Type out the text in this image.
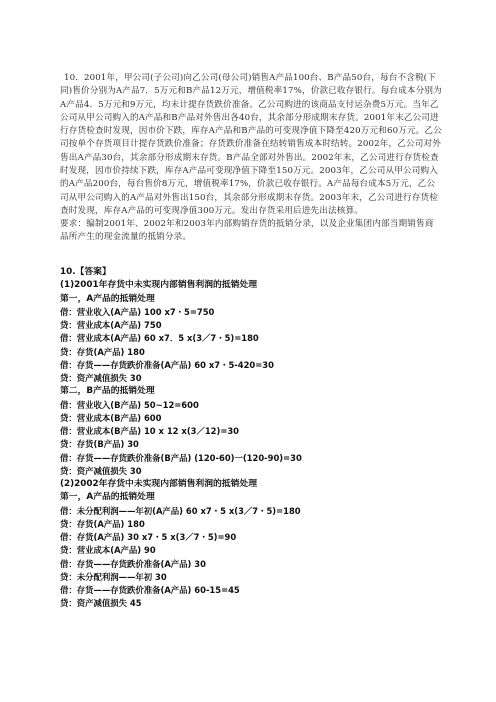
10．2001年，甲公司(子公司)向乙公司(母公司)销售A产品100台、B产品50台，每台不含税(下同)售价分别为A产品7．5万元和B产品12万元，增值税率17%，价款已收存银行。每台成本分别为A产品4．5万元和9万元，均未计提存货跌价准备。乙公司购进的该商品支付运杂费5万元。当年乙公司从甲公司购入的A产品和B产品对外售出各40台，其余部分形成期末存货。2001年末乙公司进行存货检查时发现，因市价下跌，库存A产品和B产品的可变现净值下降至420万元和60万元。乙公司按单个存货项目计提存货跌价准备；存货跌价准备在结转销售成本时结转。2002年，乙公司对外售出A产品30台，其余部分形成期末存货。B产品全部对外售出。2002年末，乙公司进行存货检查时发现，因市价持续下跌，库存A产品可变现净值下降至150万元。2003年，乙公司从甲公司购入的A产品200台，每台售价8万元，增值税率17%，价款已收存银行。A产品每台成本5万元，乙公司从甲公司购入的A产品对外售出150台，其余部分形成期末存货。2003年末，乙公司进行存货检查时发现，库存A产品的可变现净值300万元。发出存货采用后进先出法核算。
要求：编制2001年、2002年和2003年内部购销存货的抵销分录，以及企业集团内部当期销售商品所产生的现金流量的抵销分录。
10.【答案】
(1)2001年存货中未实现内部销售利润的抵销处理
第一，A产品的抵销处理
借：营业收入(A产品) 100 x7・5=750
贷：营业成本(A产品) 750
借：营业成本(A产品) 60 x7．5 x(3／7・5)=180
贷：存货(A产品) 180
借：存货——存货跌价准备(A产品) 60 x7・5-420=30
贷：资产减值损失 30
第二，B产品的抵销处理
借：营业收入(B产品) 50~12=600
贷：营业成本(B产品) 600
借：营业成本(B产品) 10 x 12 x(3／12)=30
贷：存货(B产品) 30
借：存货——存货跌价准备(B产品) (120-60)一(120-90)=30
贷：资产减值损失 30
(2)2002年存货中未实现内部销售利润的抵销处理
第一，A产品的抵销处理
借：未分配利润——年初(A产品) 60 x7・5 x(3／7・5)=180
贷：存货(A产品) 180
借：存货(A产品) 30 x7・5 x(3／7・5)=90
贷：营业成本(A产品) 90
借：存货——存货跌价准备(A产品) 30
贷：未分配利润——年初 30
借：存货——存货跌价准备(A产品) 60-15=45
贷：资产减值损失 45
